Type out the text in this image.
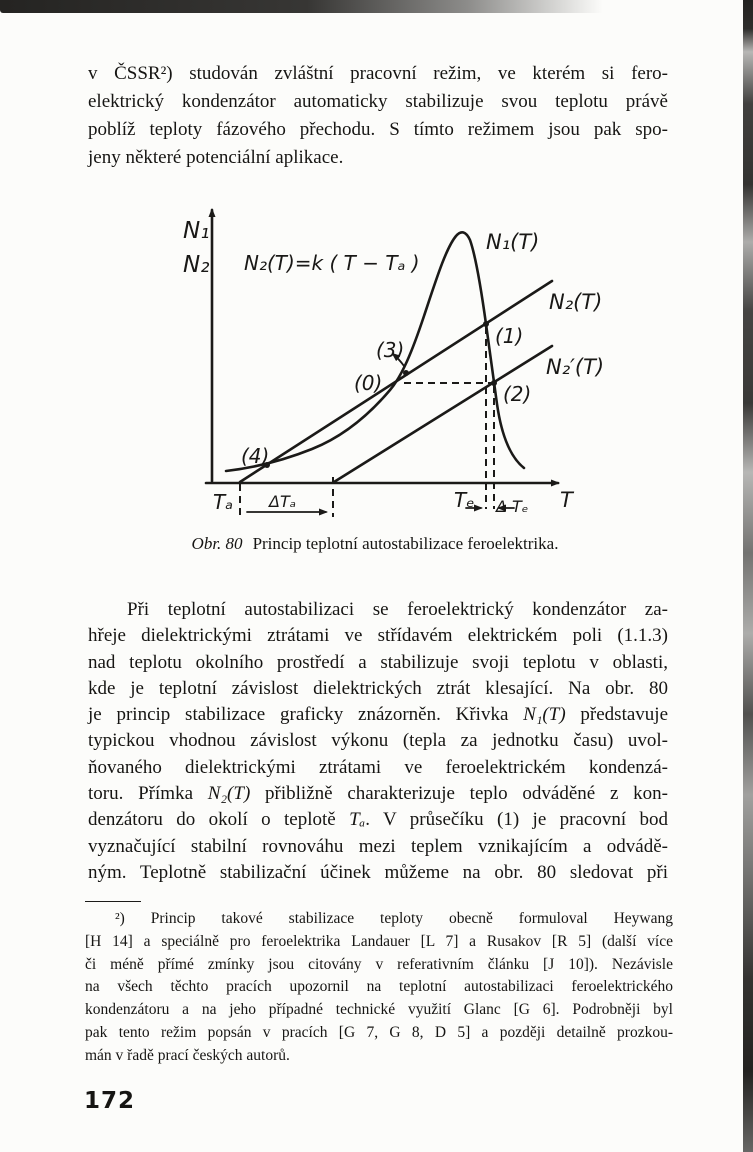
v ČSSR²) studován zvláštní pracovní režim, ve kterém si fero-
elektrický kondenzátor automaticky stabilizuje svou teplotu právě
poblíž teploty fázového přechodu. S tímto režimem jsou pak spo-
jeny některé potenciální aplikace.
N₁
N₂ N₂(T)=k ( T − Tₐ )
N₁(T)
N₂(T)
N₂′(T)
(3)
(0)
(1)
(2)
(4)
Tₐ ΔTₐ	Tₑ Δ Tₑ T
Obr. 80 Princip teplotní autostabilizace feroelektrika.
Při teplotní autostabilizaci se feroelektrický kondenzátor za-
hřeje dielektrickými ztrátami ve střídavém elektrickém poli (1.1.3)
nad teplotu okolního prostředí a stabilizuje svoji teplotu v oblasti,
kde je teplotní závislost dielektrických ztrát klesající. Na obr. 80
je princip stabilizace graficky znázorněn. Křivka N₁(T) představuje
typickou vhodnou závislost výkonu (tepla za jednotku času) uvol-
ňovaného dielektrickými ztrátami ve feroelektrickém kondenzá-
toru. Přímka N₂(T) přibližně charakterizuje teplo odváděné z kon-
denzátoru do okolí o teplotě Tₐ. V průsečíku (1) je pracovní bod
vyznačující stabilní rovnováhu mezi teplem vznikajícím a odvádě-
ným. Teplotně stabilizační účinek můžeme na obr. 80 sledovat při
²) Princip takové stabilizace teploty obecně formuloval Heywang
[H 14] a speciálně pro feroelektrika Landauer [L 7] a Rusakov [R 5] (další více
či méně přímé zmínky jsou citovány v referativním článku [J 10]). Nezávisle
na všech těchto pracích upozornil na teplotní autostabilizaci feroelektrického
kondenzátoru a na jeho případné technické využití Glanc [G 6]. Podrobněji byl
pak tento režim popsán v pracích [G 7, G 8, D 5] a později detailně prozkou-
mán v řadě prací českých autorů.
172
